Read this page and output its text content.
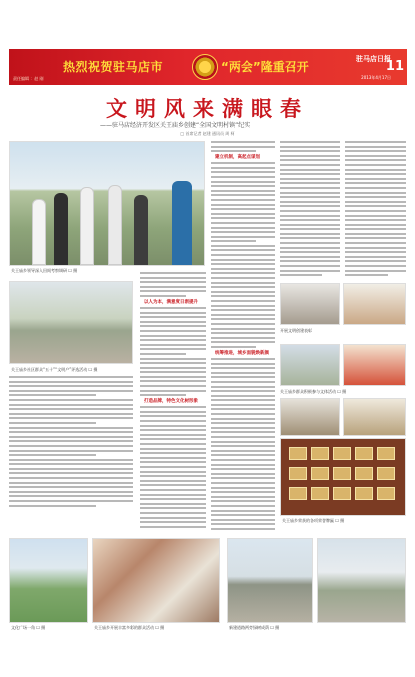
责任编辑 ：赵 刚
热烈祝贺驻马店市	“两会”隆重召开
驻马店日报
2013年4月17日
11
文明风来满眼春
——驻马店经济开发区关王庙乡创建“全国文明村镇”纪实
□ 首席记者 赵建 通讯员 周 柯
关王庙乡领导深入田间考察调研 ☐ 摄
关王庙乡社区群众“五十”“文明户”评选活动 ☐ 摄
以人为本，满意度日渐提升
打造品牌，特色文化树形象
建立机制，高起点谋划
统筹推进，城乡面貌焕新颜
开展文明创建表彰
关王庙乡群众积极参与文体活动 ☐ 摄
关王庙乡荣获的各项荣誉牌匾 ☐ 摄
文化广场一角 ☐ 摄	关王庙乡开展丰富多彩的群众活动 ☐ 摄	新建道路两旁绿树成荫 ☐ 摄
